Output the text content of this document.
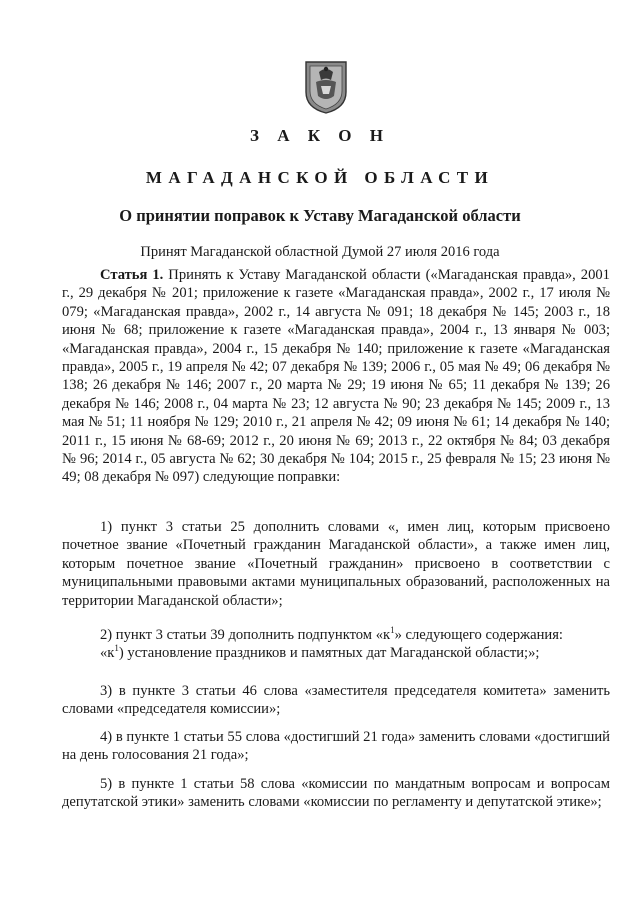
З А К О Н
МАГАДАНСКОЙ ОБЛАСТИ
О принятии поправок к Уставу Магаданской области
Принят Магаданской областной Думой 27 июля 2016 года

Статья 1. Принять к Уставу Магаданской области («Магаданская правда», 2001 г., 29 декабря № 201; приложение к газете «Магаданская правда», 2002 г., 17 июля № 079; «Магаданская правда», 2002 г., 14 августа № 091; 18 декабря № 145; 2003 г., 18 июня № 68; приложение к газете «Магаданская правда», 2004 г., 13 января № 003; «Магаданская правда», 2004 г., 15 декабря № 140; приложение к газете «Магаданская правда», 2005 г., 19 апреля № 42; 07 декабря № 139; 2006 г., 05 мая № 49; 06 декабря № 138; 26 декабря № 146; 2007 г., 20 марта № 29; 19 июня № 65; 11 декабря № 139; 26 декабря № 146; 2008 г., 04 марта № 23; 12 августа № 90; 23 декабря № 145; 2009 г., 13 мая № 51; 11 ноября № 129; 2010 г., 21 апреля № 42; 09 июня № 61; 14 декабря № 140; 2011 г., 15 июня № 68-69; 2012 г., 20 июня № 69; 2013 г., 22 октября № 84; 03 декабря № 96; 2014 г., 05 августа № 62; 30 декабря № 104; 2015 г., 25 февраля № 15; 23 июня № 49; 08 декабря № 097) следующие поправки:

1) пункт 3 статьи 25 дополнить словами «, имен лиц, которым присвоено почетное звание «Почетный гражданин Магаданской области», а также имен лиц, которым почетное звание «Почетный гражданин» присвоено в соответствии с муниципальными правовыми актами муниципальных образований, расположенных на территории Магаданской области»;

2) пункт 3 статьи 39 дополнить подпунктом «$к^1$» следующего содержания:
«$к^1$) установление праздников и памятных дат Магаданской области;»;

3) в пункте 3 статьи 46 слова «заместителя председателя комитета» заменить словами «председателя комиссии»;

4) в пункте 1 статьи 55 слова «достигший 21 года» заменить словами «достигший на день голосования 21 года»;

5) в пункте 1 статьи 58 слова «комиссии по мандатным вопросам и вопросам депутатской этики» заменить словами «комиссии по регламенту и депутатской этике»;
